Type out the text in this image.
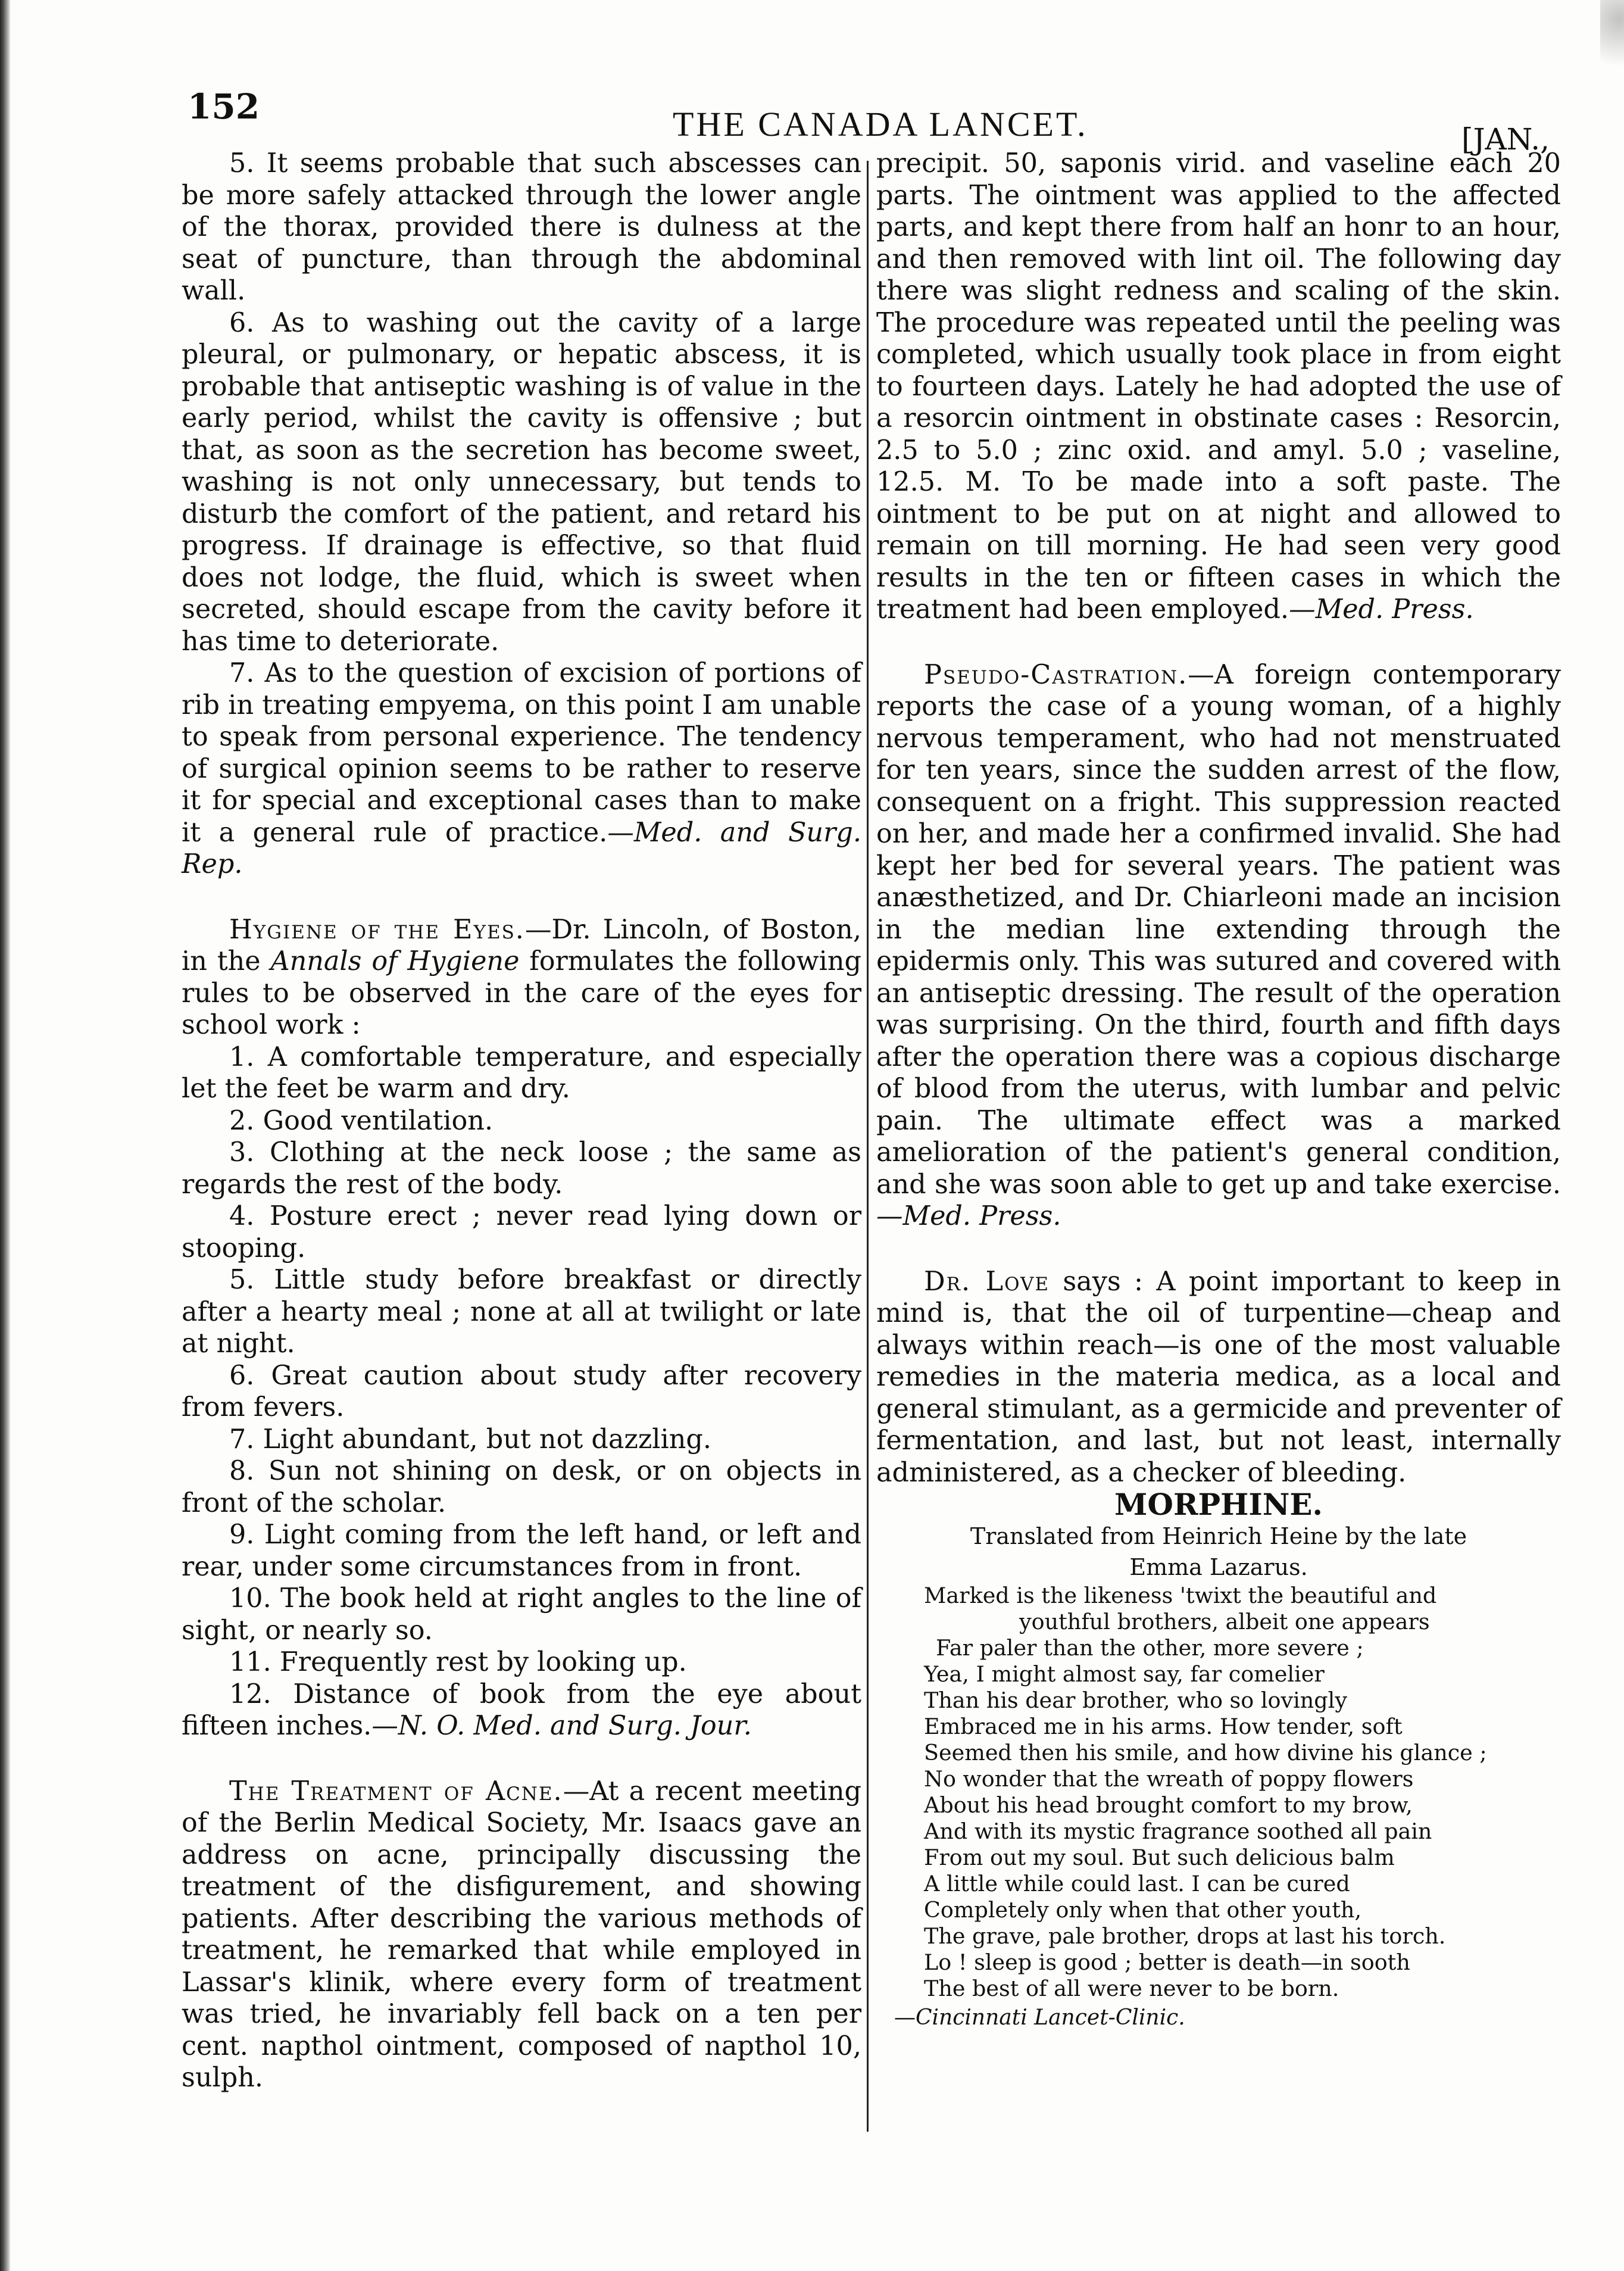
152	THE CANADA LANCET.	[JAN.,

5. It seems probable that such abscesses can be more safely attacked through the lower angle of the thorax, provided there is dulness at the seat of puncture, than through the abdominal wall.

6. As to washing out the cavity of a large pleural, or pulmonary, or hepatic abscess, it is probable that antiseptic washing is of value in the early period, whilst the cavity is offensive ; but that, as soon as the secretion has become sweet, washing is not only unnecessary, but tends to disturb the comfort of the patient, and retard his progress. If drainage is effective, so that fluid does not lodge, the fluid, which is sweet when secreted, should escape from the cavity before it has time to deteriorate.

7. As to the question of excision of portions of rib in treating empyema, on this point I am unable to speak from personal experience. The tendency of surgical opinion seems to be rather to reserve it for special and exceptional cases than to make it a general rule of practice.—Med. and Surg. Rep.

Hygiene of the Eyes.—Dr. Lincoln, of Boston, in the Annals of Hygiene formulates the following rules to be observed in the care of the eyes for school work :

1. A comfortable temperature, and especially let the feet be warm and dry.

2. Good ventilation.

3. Clothing at the neck loose ; the same as regards the rest of the body.

4. Posture erect ; never read lying down or stooping.

5. Little study before breakfast or directly after a hearty meal ; none at all at twilight or late at night.

6. Great caution about study after recovery from fevers.

7. Light abundant, but not dazzling.

8. Sun not shining on desk, or on objects in front of the scholar.

9. Light coming from the left hand, or left and rear, under some circumstances from in front.

10. The book held at right angles to the line of sight, or nearly so.

11. Frequently rest by looking up.

12. Distance of book from the eye about fifteen inches.—N. O. Med. and Surg. Jour.

The Treatment of Acne.—At a recent meeting of the Berlin Medical Society, Mr. Isaacs gave an address on acne, principally discussing the treatment of the disfigurement, and showing patients. After describing the various methods of treatment, he remarked that while employed in Lassar's klinik, where every form of treatment was tried, he invariably fell back on a ten per cent. napthol ointment, composed of napthol 10, sulph.

precipit. 50, saponis virid. and vaseline each 20 parts. The ointment was applied to the affected parts, and kept there from half an honr to an hour, and then removed with lint oil. The following day there was slight redness and scaling of the skin. The procedure was repeated until the peeling was completed, which usually took place in from eight to fourteen days. Lately he had adopted the use of a resorcin ointment in obstinate cases : Resorcin, 2.5 to 5.0 ; zinc oxid. and amyl. 5.0 ; vaseline, 12.5. M. To be made into a soft paste. The ointment to be put on at night and allowed to remain on till morning. He had seen very good results in the ten or fifteen cases in which the treatment had been employed.—Med. Press.

Pseudo-Castration.—A foreign contemporary reports the case of a young woman, of a highly nervous temperament, who had not menstruated for ten years, since the sudden arrest of the flow, consequent on a fright. This suppression reacted on her, and made her a confirmed invalid. She had kept her bed for several years. The patient was anæsthetized, and Dr. Chiarleoni made an incision in the median line extending through the epidermis only. This was sutured and covered with an antiseptic dressing. The result of the operation was surprising. On the third, fourth and fifth days after the operation there was a copious discharge of blood from the uterus, with lumbar and pelvic pain. The ultimate effect was a marked amelioration of the patient's general condition, and she was soon able to get up and take exercise.—Med. Press.

Dr. Love says : A point important to keep in mind is, that the oil of turpentine—cheap and always within reach—is one of the most valuable remedies in the materia medica, as a local and general stimulant, as a germicide and preventer of fermentation, and last, but not least, internally administered, as a checker of bleeding.

MORPHINE.

Translated from Heinrich Heine by the late
Emma Lazarus.

Marked is the likeness 'twixt the beautiful and
youthful brothers, albeit one appears
Far paler than the other, more severe ;
Yea, I might almost say, far comelier
Than his dear brother, who so lovingly
Embraced me in his arms. How tender, soft
Seemed then his smile, and how divine his glance ;
No wonder that the wreath of poppy flowers
About his head brought comfort to my brow,
And with its mystic fragrance soothed all pain
From out my soul. But such delicious balm
A little while could last. I can be cured
Completely only when that other youth,
The grave, pale brother, drops at last his torch.
Lo ! sleep is good ; better is death—in sooth
The best of all were never to be born.
—Cincinnati Lancet-Clinic.
